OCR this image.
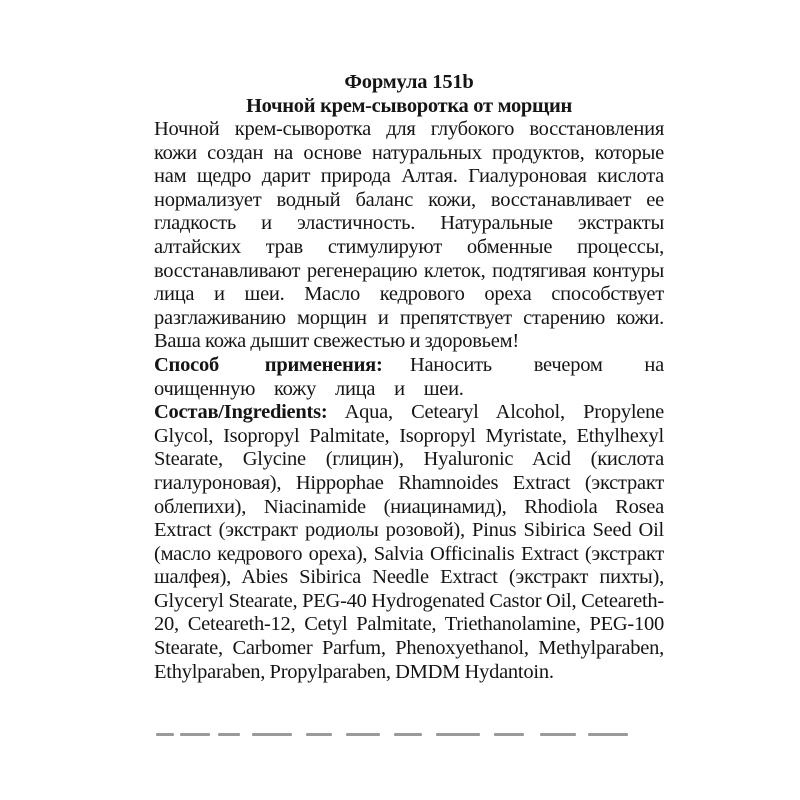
Формула 151b
Ночной крем-сыворотка от морщин
Ночной крем-сыворотка для глубокого восстановления кожи создан на основе натуральных продуктов, которые нам щедро дарит природа Алтая. Гиалуроновая кислота нормализует водный баланс кожи, восстанавливает ее гладкость и эластичность. Натуральные экстракты алтайских трав стимулируют обменные процессы, восстанавливают регенерацию клеток, подтягивая контуры лица и шеи. Масло кедрового ореха способствует разглаживанию морщин и препятствует старению кожи. Ваша кожа дышит свежестью и здоровьем!
Способ применения: Наносить вечером на очищенную кожу лица и шеи.
Состав/Ingredients: Aqua, Cetearyl Alcohol, Propylene Glycol, Isopropyl Palmitate, Isopropyl Myristate, Ethylhexyl Stearate, Glycine (глицин), Hyaluronic Acid (кислота гиалуроновая), Hippophae Rhamnoides Extract (экстракт облепихи), Niacinamide (ниацинамид), Rhodiola Rosea Extract (экстракт родиолы розовой), Pinus Sibirica Seed Oil (масло кедрового ореха), Salvia Officinalis Extract (экстракт шалфея), Abies Sibirica Needle Extract (экстракт пихты), Glyceryl Stearate, PEG-40 Hydrogenated Castor Oil, Ceteareth-20, Ceteareth-12, Cetyl Palmitate, Triethanolamine, PEG-100 Stearate, Carbomer Parfum, Phenoxyethanol, Methylparaben, Ethylparaben, Propylparaben, DMDM Hydantoin.
